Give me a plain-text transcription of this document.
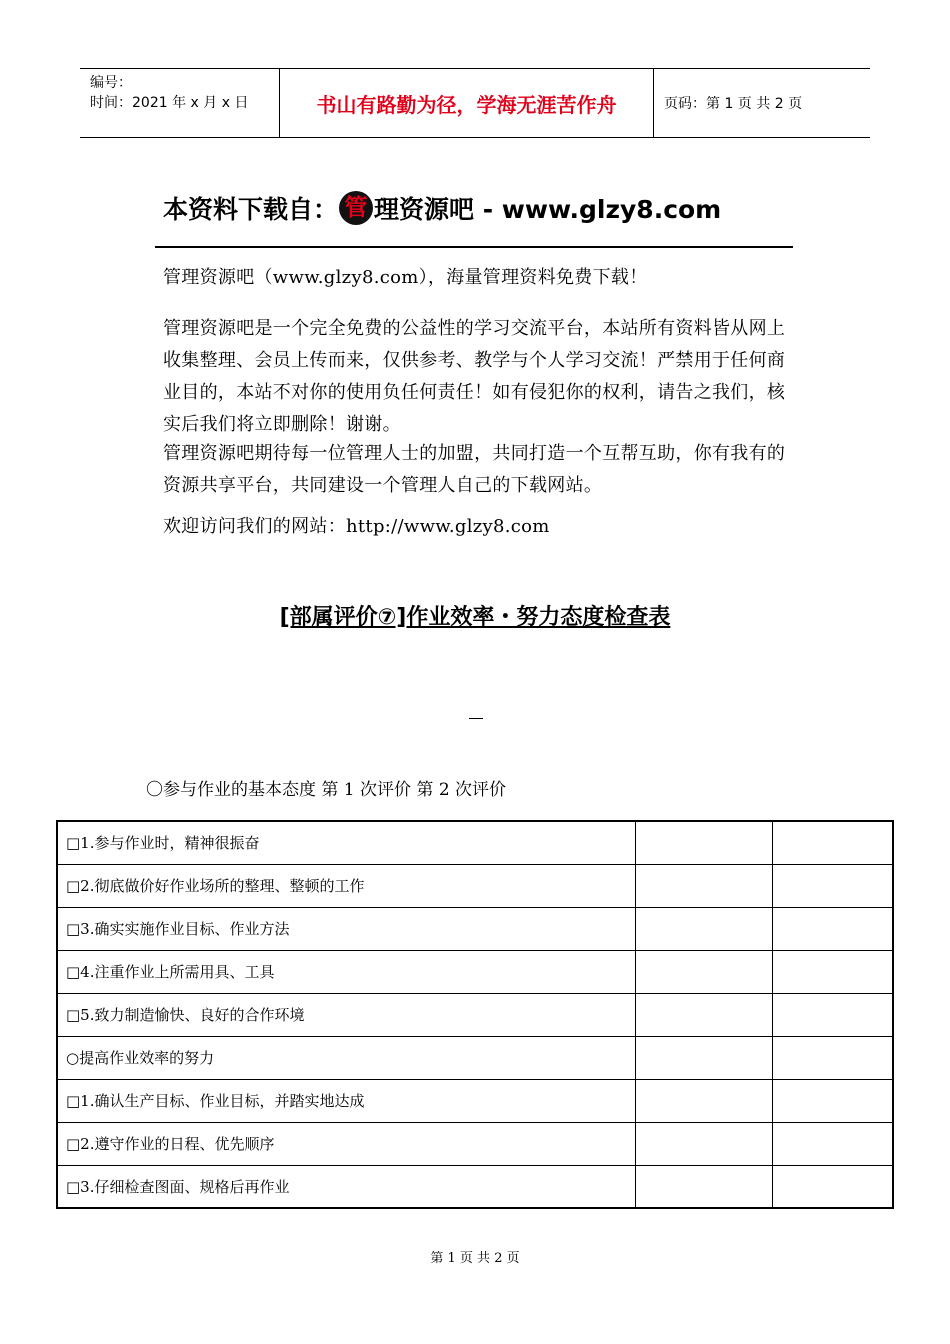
编号：
时间：2021 年 x 月 x 日	书山有路勤为径，学海无涯苦作舟	页码：第 1 页 共 2 页
本资料下载自： 管 理资源吧 - www.glzy8.com

管理资源吧（www.glzy8.com），海量管理资料免费下载！

管理资源吧是一个完全免费的公益性的学习交流平台，本站所有资料皆从网上收集整理、会员上传而来，仅供参考、教学与个人学习交流！严禁用于任何商业目的，本站不对你的使用负任何责任！如有侵犯你的权利，请告之我们，核实后我们将立即删除！谢谢。

管理资源吧期待每一位管理人士的加盟，共同打造一个互帮互助，你有我有的资源共享平台，共同建设一个管理人自己的下载网站。

欢迎访问我们的网站：http://www.glzy8.com

[部属评价⑦]作业效率・努力态度检查表
〇参与作业的基本态度 第 1 次评价 第 2 次评价
□1.参与作业时，精神很振奋		
□2.彻底做价好作业场所的整理、整顿的工作		
□3.确实实施作业目标、作业方法		
□4.注重作业上所需用具、工具		
□5.致力制造愉快、良好的合作环境		
○提高作业效率的努力		
□1.确认生产目标、作业目标，并踏实地达成		
□2.遵守作业的日程、优先顺序		
□3.仔细检查图面、规格后再作业		
第 1 页 共 2 页
